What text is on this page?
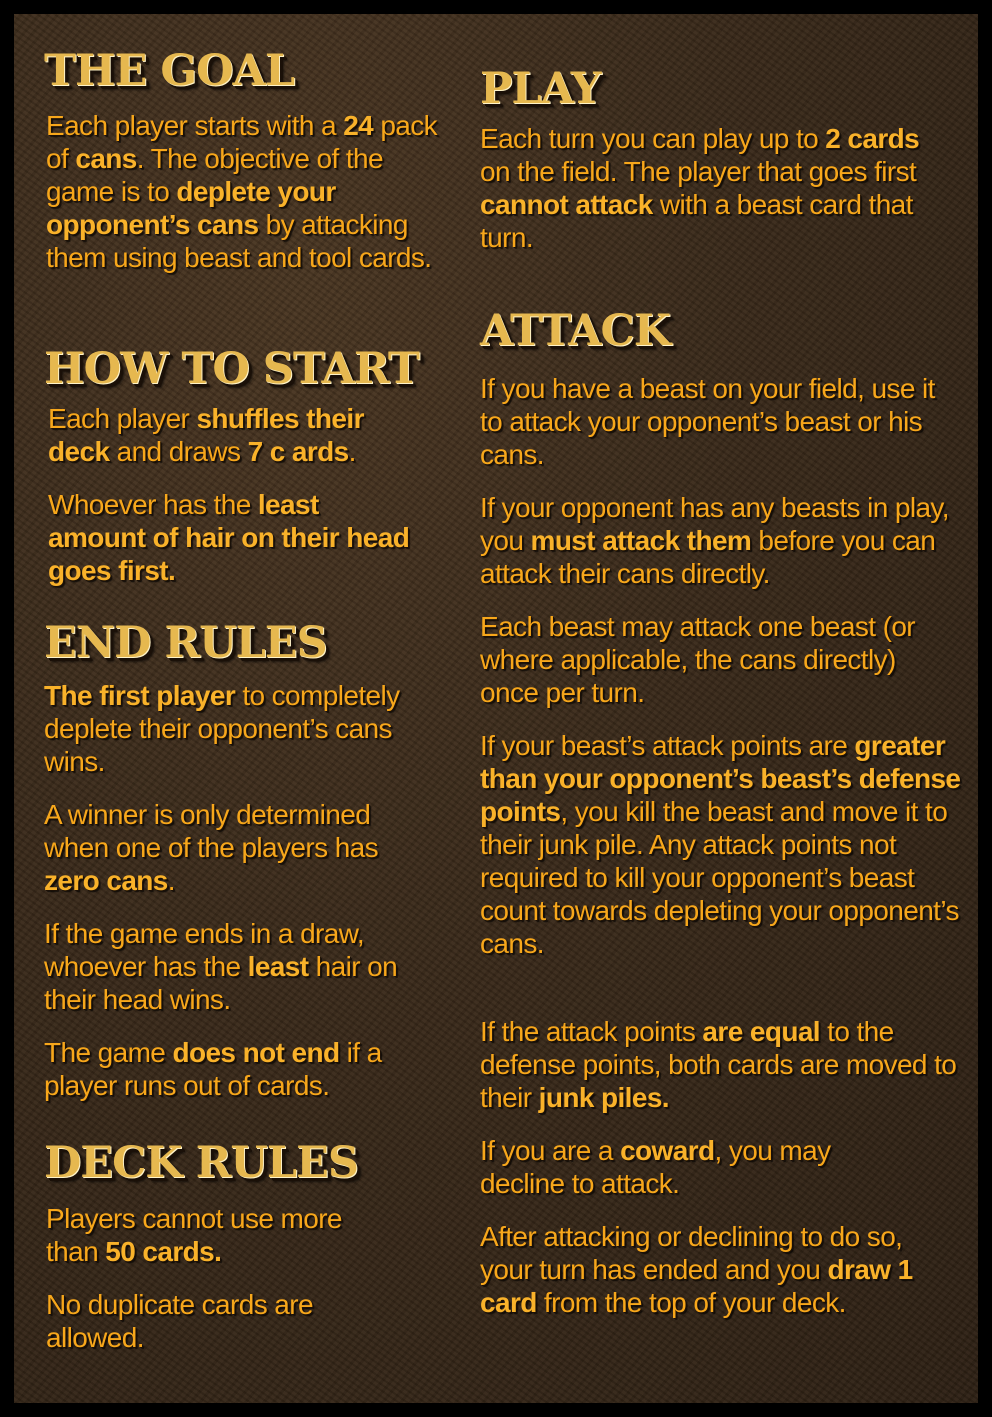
THE GOAL

Each player starts with a 24 pack of cans. The objective of the game is to deplete your opponent’s cans by attacking them using beast and tool cards.

HOW TO START

Each player shuffles their deck and draws 7 c ards.

Whoever has the least amount of hair on their head goes first.

END RULES

The first player to completely deplete their opponent’s cans wins.

A winner is only determined when one of the players has zero cans.

If the game ends in a draw, whoever has the least hair on their head wins.

The game does not end if a player runs out of cards.

DECK RULES

Players cannot use more than 50 cards.

No duplicate cards are allowed.

PLAY

Each turn you can play up to 2 cards on the field. The player that goes first cannot attack with a beast card that turn.

ATTACK

If you have a beast on your field, use it to attack your opponent’s beast or his cans.

If your opponent has any beasts in play, you must attack them before you can attack their cans directly.

Each beast may attack one beast (or where applicable, the cans directly) once per turn.

If your beast’s attack points are greater than your opponent’s beast’s defense points, you kill the beast and move it to their junk pile. Any attack points not required to kill your opponent’s beast count towards depleting your opponent’s cans.

If the attack points are equal to the defense points, both cards are moved to their junk piles.

If you are a coward, you may decline to attack.

After attacking or declining to do so, your turn has ended and you draw 1 card from the top of your deck.
